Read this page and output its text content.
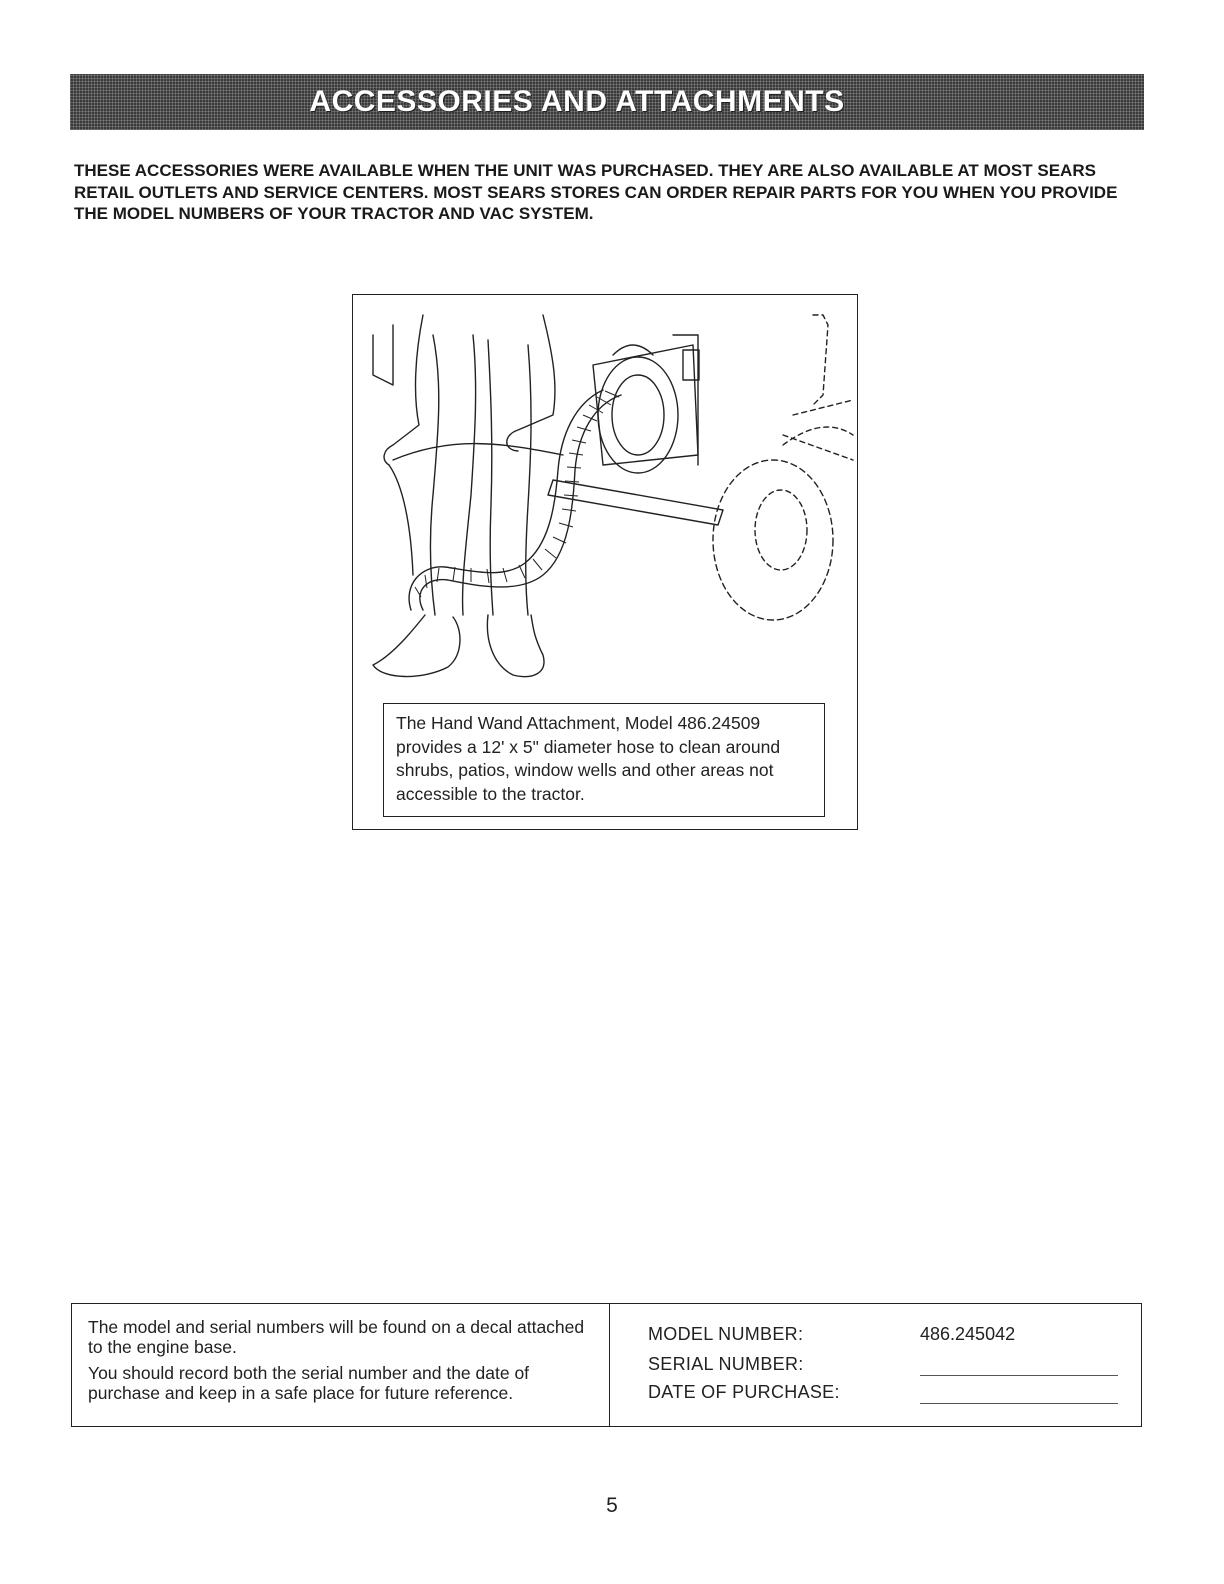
ACCESSORIES AND ATTACHMENTS

THESE ACCESSORIES WERE AVAILABLE WHEN THE UNIT WAS PURCHASED. THEY ARE ALSO AVAILABLE AT MOST SEARS RETAIL OUTLETS AND SERVICE CENTERS. MOST SEARS STORES CAN ORDER REPAIR PARTS FOR YOU WHEN YOU PROVIDE THE MODEL NUMBERS OF YOUR TRACTOR AND VAC SYSTEM.

The Hand Wand Attachment, Model 486.24509 provides a 12' x 5" diameter hose to clean around shrubs, patios, window wells and other areas not accessible to the tractor.

The model and serial numbers will be found on a decal attached to the engine base.

You should record both the serial number and the date of purchase and keep in a safe place for future reference.

MODEL NUMBER:	486.245042
SERIAL NUMBER:
DATE OF PURCHASE:
5
